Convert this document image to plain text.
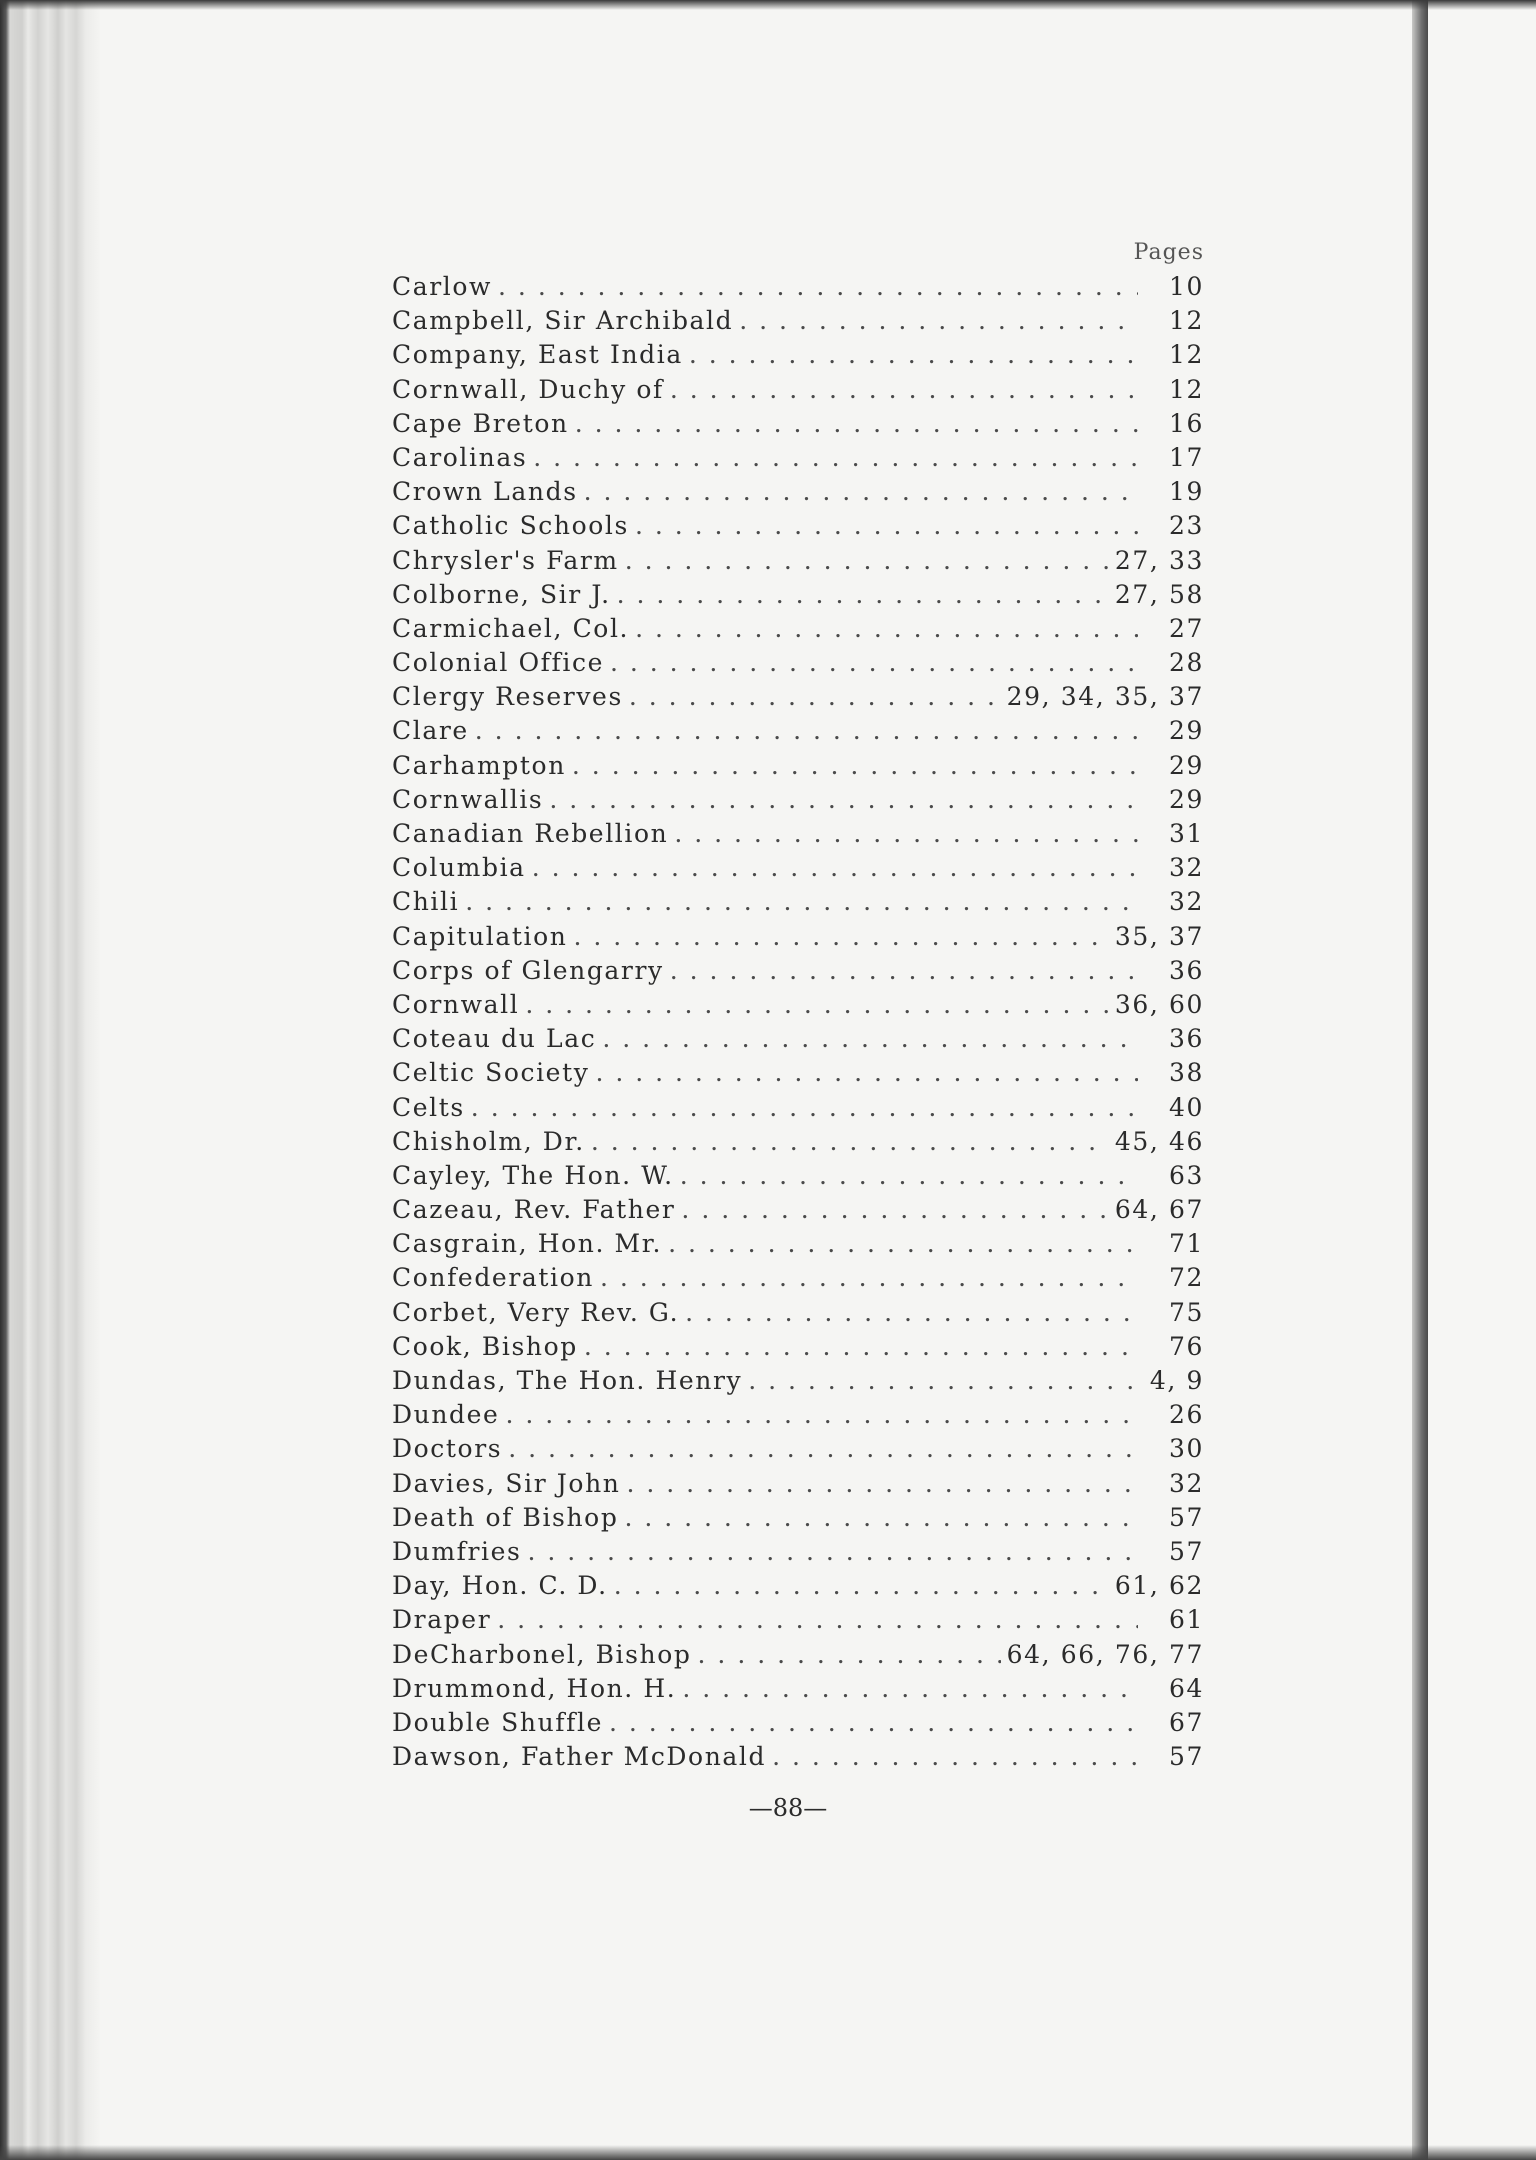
Pages
Carlow . . .	10
Campbell, Sir Archibald . . .	12
Company, East India . . .	12
Cornwall, Duchy of . . .	12
Cape Breton . . .	16
Carolinas . . .	17
Crown Lands . . .	19
Catholic Schools . . .	23
Chrysler's Farm . . .	27, 33
Colborne, Sir J. . . .	27, 58
Carmichael, Col. . . .	27
Colonial Office . . .	28
Clergy Reserves . . .	29, 34, 35, 37
Clare . . .	29
Carhampton . . .	29
Cornwallis . . .	29
Canadian Rebellion . . .	31
Columbia . . .	32
Chili . . .	32
Capitulation . . .	35, 37
Corps of Glengarry . . .	36
Cornwall . . .	36, 60
Coteau du Lac . . .	36
Celtic Society . . .	38
Celts . . .	40
Chisholm, Dr. . . .	45, 46
Cayley, The Hon. W. . . .	63
Cazeau, Rev. Father . . .	64, 67
Casgrain, Hon. Mr. . . .	71
Confederation . . .	72
Corbet, Very Rev. G. . . .	75
Cook, Bishop . . .	76
Dundas, The Hon. Henry . . .	4, 9
Dundee . . .	26
Doctors . . .	30
Davies, Sir John . . .	32
Death of Bishop . . .	57
Dumfries . . .	57
Day, Hon. C. D. . . .	61, 62
Draper . . .	61
DeCharbonel, Bishop . . .	64, 66, 76, 77
Drummond, Hon. H. . . .	64
Double Shuffle . . .	67
Dawson, Father McDonald . . .	57
—88—
